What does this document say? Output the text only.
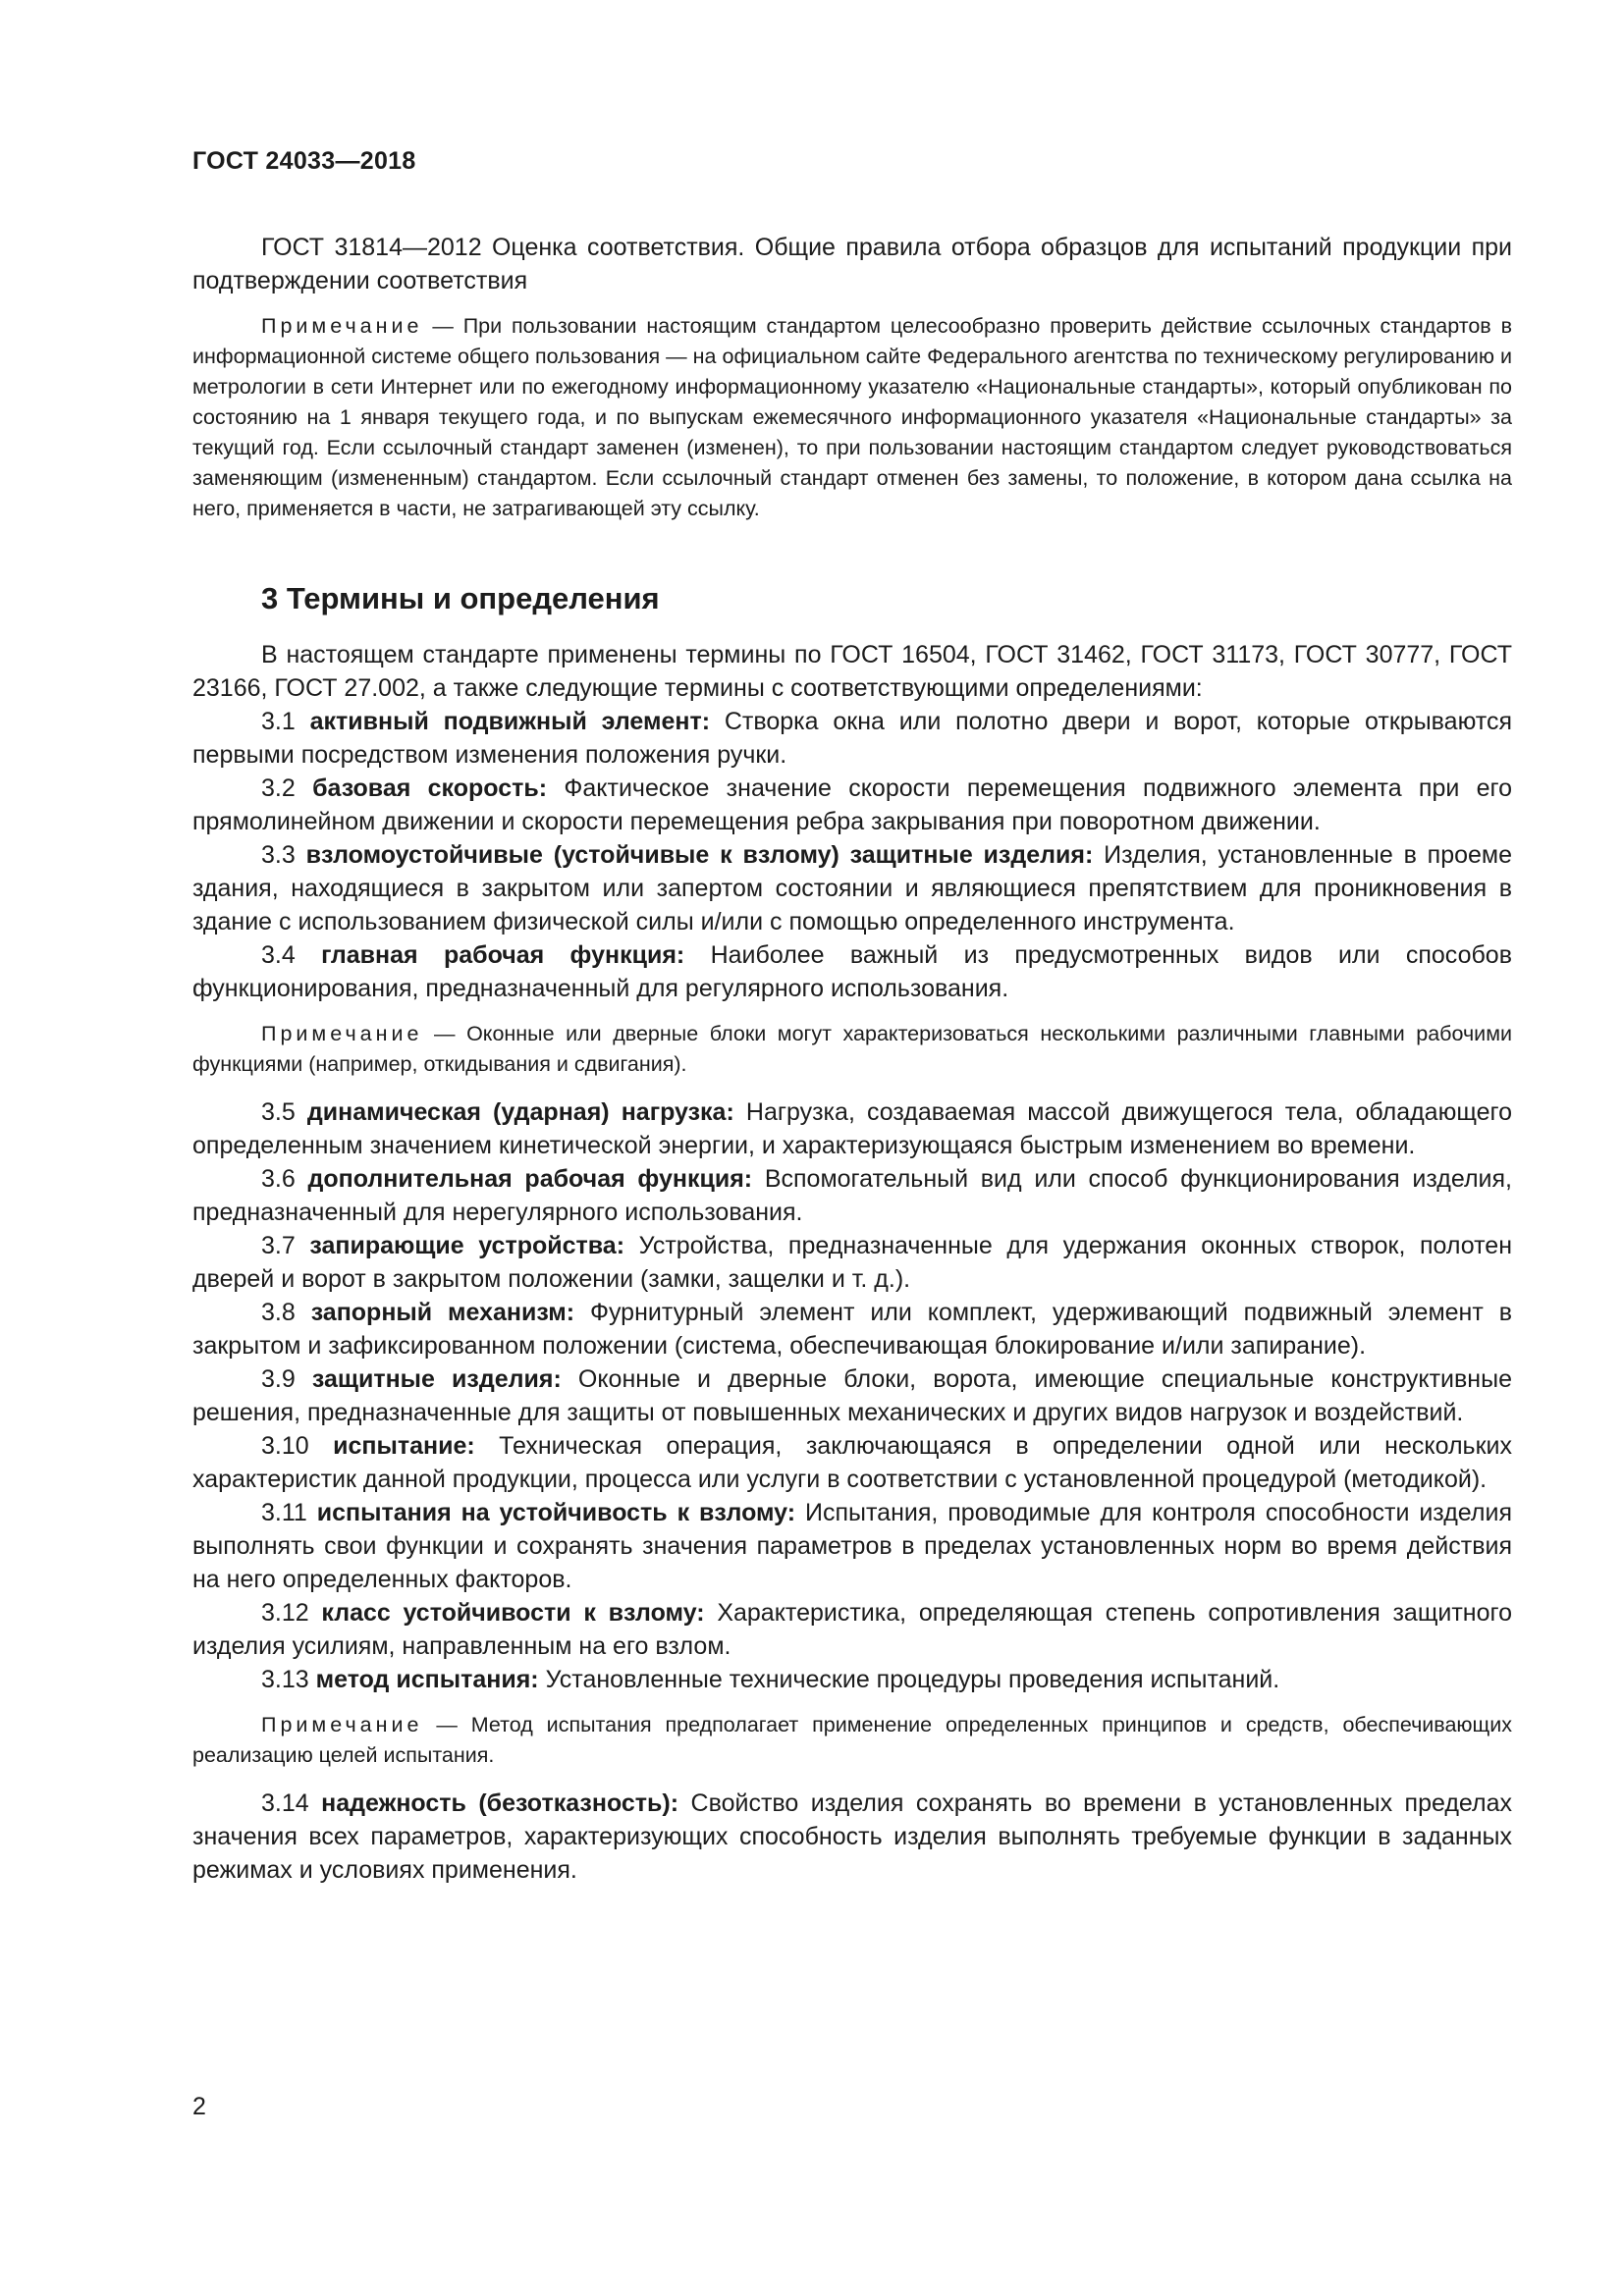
ГОСТ 24033—2018

ГОСТ 31814—2012 Оценка соответствия. Общие правила отбора образцов для испытаний продукции при подтверждении соответствия

Примечание — При пользовании настоящим стандартом целесообразно проверить действие ссылочных стандартов в информационной системе общего пользования — на официальном сайте Федерального агентства по техническому регулированию и метрологии в сети Интернет или по ежегодному информационному указателю «Национальные стандарты», который опубликован по состоянию на 1 января текущего года, и по выпускам ежемесячного информационного указателя «Национальные стандарты» за текущий год. Если ссылочный стандарт заменен (изменен), то при пользовании настоящим стандартом следует руководствоваться заменяющим (измененным) стандартом. Если ссылочный стандарт отменен без замены, то положение, в котором дана ссылка на него, применяется в части, не затрагивающей эту ссылку.

3 Термины и определения

В настоящем стандарте применены термины по ГОСТ 16504, ГОСТ 31462, ГОСТ 31173, ГОСТ 30777, ГОСТ 23166, ГОСТ 27.002, а также следующие термины с соответствующими определениями:

3.1 активный подвижный элемент: Створка окна или полотно двери и ворот, которые открываются первыми посредством изменения положения ручки.

3.2 базовая скорость: Фактическое значение скорости перемещения подвижного элемента при его прямолинейном движении и скорости перемещения ребра закрывания при поворотном движении.

3.3 взломоустойчивые (устойчивые к взлому) защитные изделия: Изделия, установленные в проеме здания, находящиеся в закрытом или запертом состоянии и являющиеся препятствием для проникновения в здание с использованием физической силы и/или с помощью определенного инструмента.

3.4 главная рабочая функция: Наиболее важный из предусмотренных видов или способов функционирования, предназначенный для регулярного использования.

Примечание — Оконные или дверные блоки могут характеризоваться несколькими различными главными рабочими функциями (например, откидывания и сдвигания).

3.5 динамическая (ударная) нагрузка: Нагрузка, создаваемая массой движущегося тела, обладающего определенным значением кинетической энергии, и характеризующаяся быстрым изменением во времени.

3.6 дополнительная рабочая функция: Вспомогательный вид или способ функционирования изделия, предназначенный для нерегулярного использования.

3.7 запирающие устройства: Устройства, предназначенные для удержания оконных створок, полотен дверей и ворот в закрытом положении (замки, защелки и т. д.).

3.8 запорный механизм: Фурнитурный элемент или комплект, удерживающий подвижный элемент в закрытом и зафиксированном положении (система, обеспечивающая блокирование и/или запирание).

3.9 защитные изделия: Оконные и дверные блоки, ворота, имеющие специальные конструктивные решения, предназначенные для защиты от повышенных механических и других видов нагрузок и воздействий.

3.10 испытание: Техническая операция, заключающаяся в определении одной или нескольких характеристик данной продукции, процесса или услуги в соответствии с установленной процедурой (методикой).

3.11 испытания на устойчивость к взлому: Испытания, проводимые для контроля способности изделия выполнять свои функции и сохранять значения параметров в пределах установленных норм во время действия на него определенных факторов.

3.12 класс устойчивости к взлому: Характеристика, определяющая степень сопротивления защитного изделия усилиям, направленным на его взлом.

3.13 метод испытания: Установленные технические процедуры проведения испытаний.

Примечание — Метод испытания предполагает применение определенных принципов и средств, обеспечивающих реализацию целей испытания.

3.14 надежность (безотказность): Свойство изделия сохранять во времени в установленных пределах значения всех параметров, характеризующих способность изделия выполнять требуемые функции в заданных режимах и условиях применения.

2
